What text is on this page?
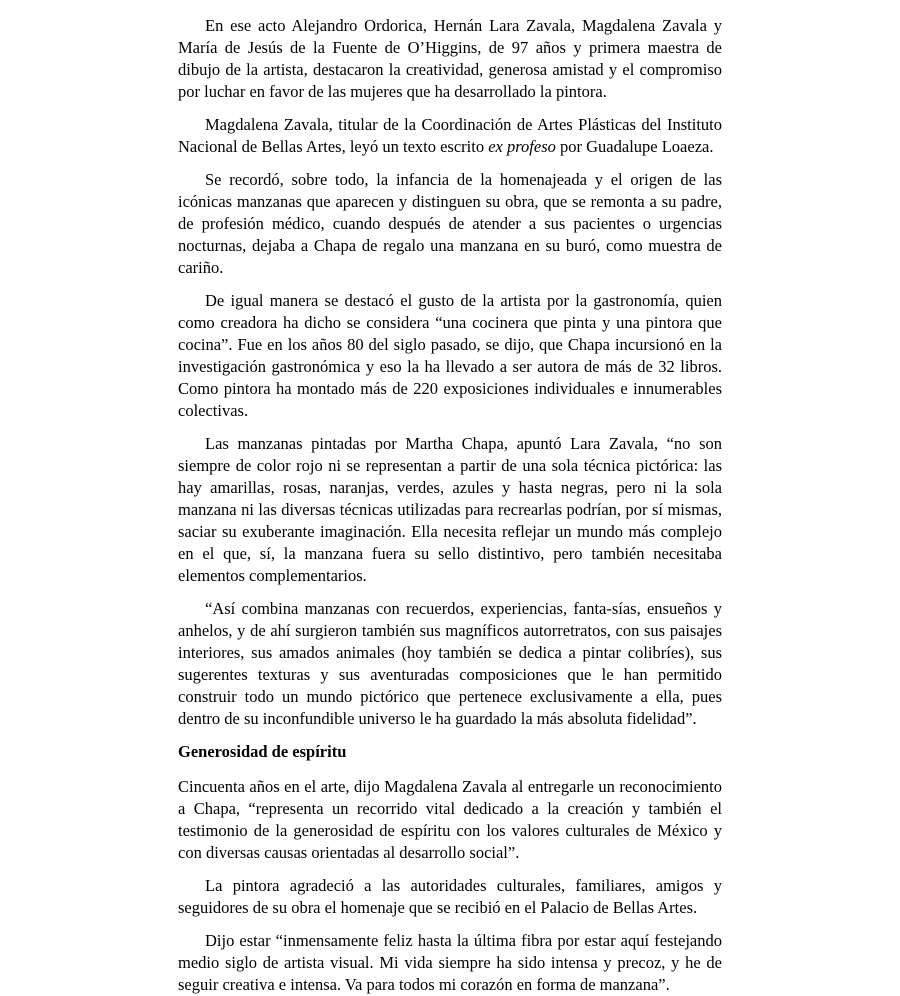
En ese acto Alejandro Ordorica, Hernán Lara Zavala, Magdalena Zavala y María de Jesús de la Fuente de O’Higgins, de 97 años y primera maestra de dibujo de la artista, destacaron la creatividad, generosa amistad y el compromiso por luchar en favor de las mujeres que ha desarrollado la pintora.

Magdalena Zavala, titular de la Coordinación de Artes Plásticas del Instituto Nacional de Bellas Artes, leyó un texto escrito ex profeso por Guadalupe Loaeza.

Se recordó, sobre todo, la infancia de la homenajeada y el origen de las icónicas manzanas que aparecen y distinguen su obra, que se remonta a su padre, de profesión médico, cuando después de atender a sus pacientes o urgencias nocturnas, dejaba a Chapa de regalo una manzana en su buró, como muestra de cariño.

De igual manera se destacó el gusto de la artista por la gastronomía, quien como creadora ha dicho se considera “una cocinera que pinta y una pintora que cocina”. Fue en los años 80 del siglo pasado, se dijo, que Chapa incursionó en la investigación gastronómica y eso la ha llevado a ser autora de más de 32 libros. Como pintora ha montado más de 220 exposiciones individuales e innumerables colectivas.

Las manzanas pintadas por Martha Chapa, apuntó Lara Zavala, “no son siempre de color rojo ni se representan a partir de una sola técnica pictórica: las hay amarillas, rosas, naranjas, verdes, azules y hasta negras, pero ni la sola manzana ni las diversas técnicas utilizadas para recrearlas podrían, por sí mismas, saciar su exuberante imaginación. Ella necesita reflejar un mundo más complejo en el que, sí, la manzana fuera su sello distintivo, pero también necesitaba elementos complementarios.

“Así combina manzanas con recuerdos, experiencias, fanta-sías, ensueños y anhelos, y de ahí surgieron también sus magníficos autorretratos, con sus paisajes interiores, sus amados animales (hoy también se dedica a pintar colibríes), sus sugerentes texturas y sus aventuradas composiciones que le han permitido construir todo un mundo pictórico que pertenece exclusivamente a ella, pues dentro de su inconfundible universo le ha guardado la más absoluta fidelidad”.

Generosidad de espíritu

Cincuenta años en el arte, dijo Magdalena Zavala al entregarle un reconocimiento a Chapa, “representa un recorrido vital dedicado a la creación y también el testimonio de la generosidad de espíritu con los valores culturales de México y con diversas causas orientadas al desarrollo social”.

La pintora agradeció a las autoridades culturales, familiares, amigos y seguidores de su obra el homenaje que se recibió en el Palacio de Bellas Artes.

Dijo estar “inmensamente feliz hasta la última fibra por estar aquí festejando medio siglo de artista visual. Mi vida siempre ha sido intensa y precoz, y he de seguir creativa e intensa. Va para todos mi corazón en forma de manzana”.
